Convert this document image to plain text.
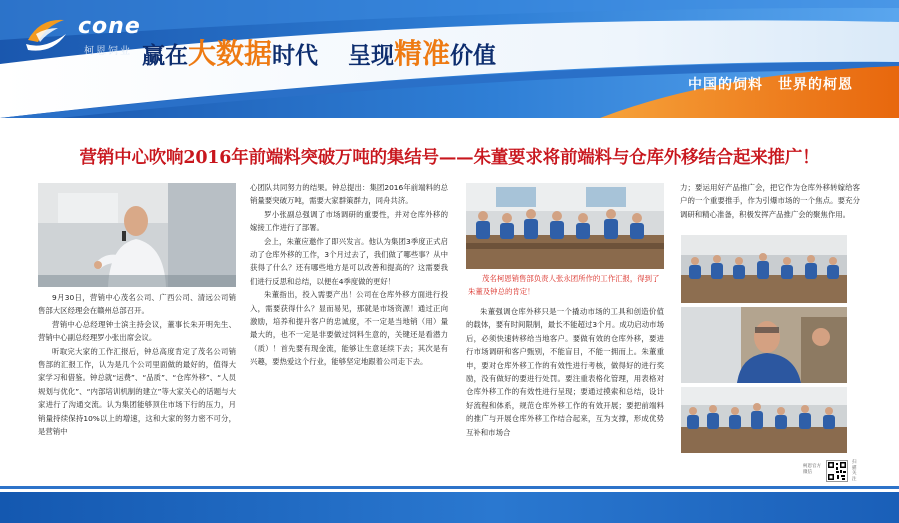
cone
柯恩饲业 赢在大数据时代 呈现精准价值
中国的饲料　世界的柯恩
营销中心吹响2016年前端料突破万吨的集结号——朱董要求将前端料与仓库外移结合起来推广！

9月30日，营销中心茂名公司、广西公司、清远公司销售部大区经理会在赣州总部召开。

营销中心总经理钟士滨主持会议，董事长朱开明先生、营销中心副总经理罗小张出席会议。

听取完大家的工作汇报后，钟总高度肯定了茂名公司销售部的汇报工作，认为是几个公司里面做的最好的，值得大家学习和借鉴。钟总就“运费”、“品质”、“仓库外移”、“人员规划与优化”、“内部培训机制的建立”等大家关心的话题与大家进行了沟通交流。认为集团能够顶住市场下行的压力，月销量持续保持10%以上的增速，这和大家的努力密不可分，是营销中

心团队共同努力的结果。钟总提出：集团2016年前端料的总销量要突破万吨，需要大家群策群力，同舟共济。

罗小张副总强调了市场调研的重要性，并对仓库外移的嫁接工作进行了部署。

会上，朱董应邀作了即兴发言。他认为集团3季度正式启动了仓库外移的工作，3个月过去了，我们做了哪些事？从中获得了什么？还有哪些地方是可以改善和提高的？这需要我们进行反思和总结，以便在4季度做的更好！

朱董指出，投入需要产出！公司在仓库外移方面进行投入，需要获得什么？显而易见，那就是市场资源！通过正向激励，培养和提升客户的忠诚度，不一定是当地销（用）量最大的，也不一定是非要做过饲料生意的，关键还是看潜力（质）！首先要有现金流，能够让生意延续下去；其次是有兴趣，要热爱这个行业，能够坚定地跟着公司走下去。

茂名柯恩销售部负责人张永团所作的工作汇报，得到了朱董及钟总的肯定！

朱董强调仓库外移只是一个撬动市场的工具和创造价值的载体，要有时间限制，最长不能超过3个月。成功启动市场后，必须快速转移给当地客户。要做有效的仓库外移，要进行市场调研和客户甄别，不能盲目，不能一拥而上。朱董重申，要对仓库外移工作的有效性进行考核，做得好的进行奖励，没有做好的要进行处罚。要注重表格化管理，用表格对仓库外移工作的有效性进行呈现；要通过摸索和总结，设计好流程和体系，规范仓库外移工作的有效开展；要把前端料的推广与开展仓库外移工作结合起来，互为支撑，形成优势互补和市场合

力；要运用好产品推广会，把它作为仓库外移转嫁给客户的一个重要推手，作为引爆市场的一个焦点。要充分调研和精心准备，积极发挥产品推广会的聚焦作用。

柯恩官方微信
扫描关注
